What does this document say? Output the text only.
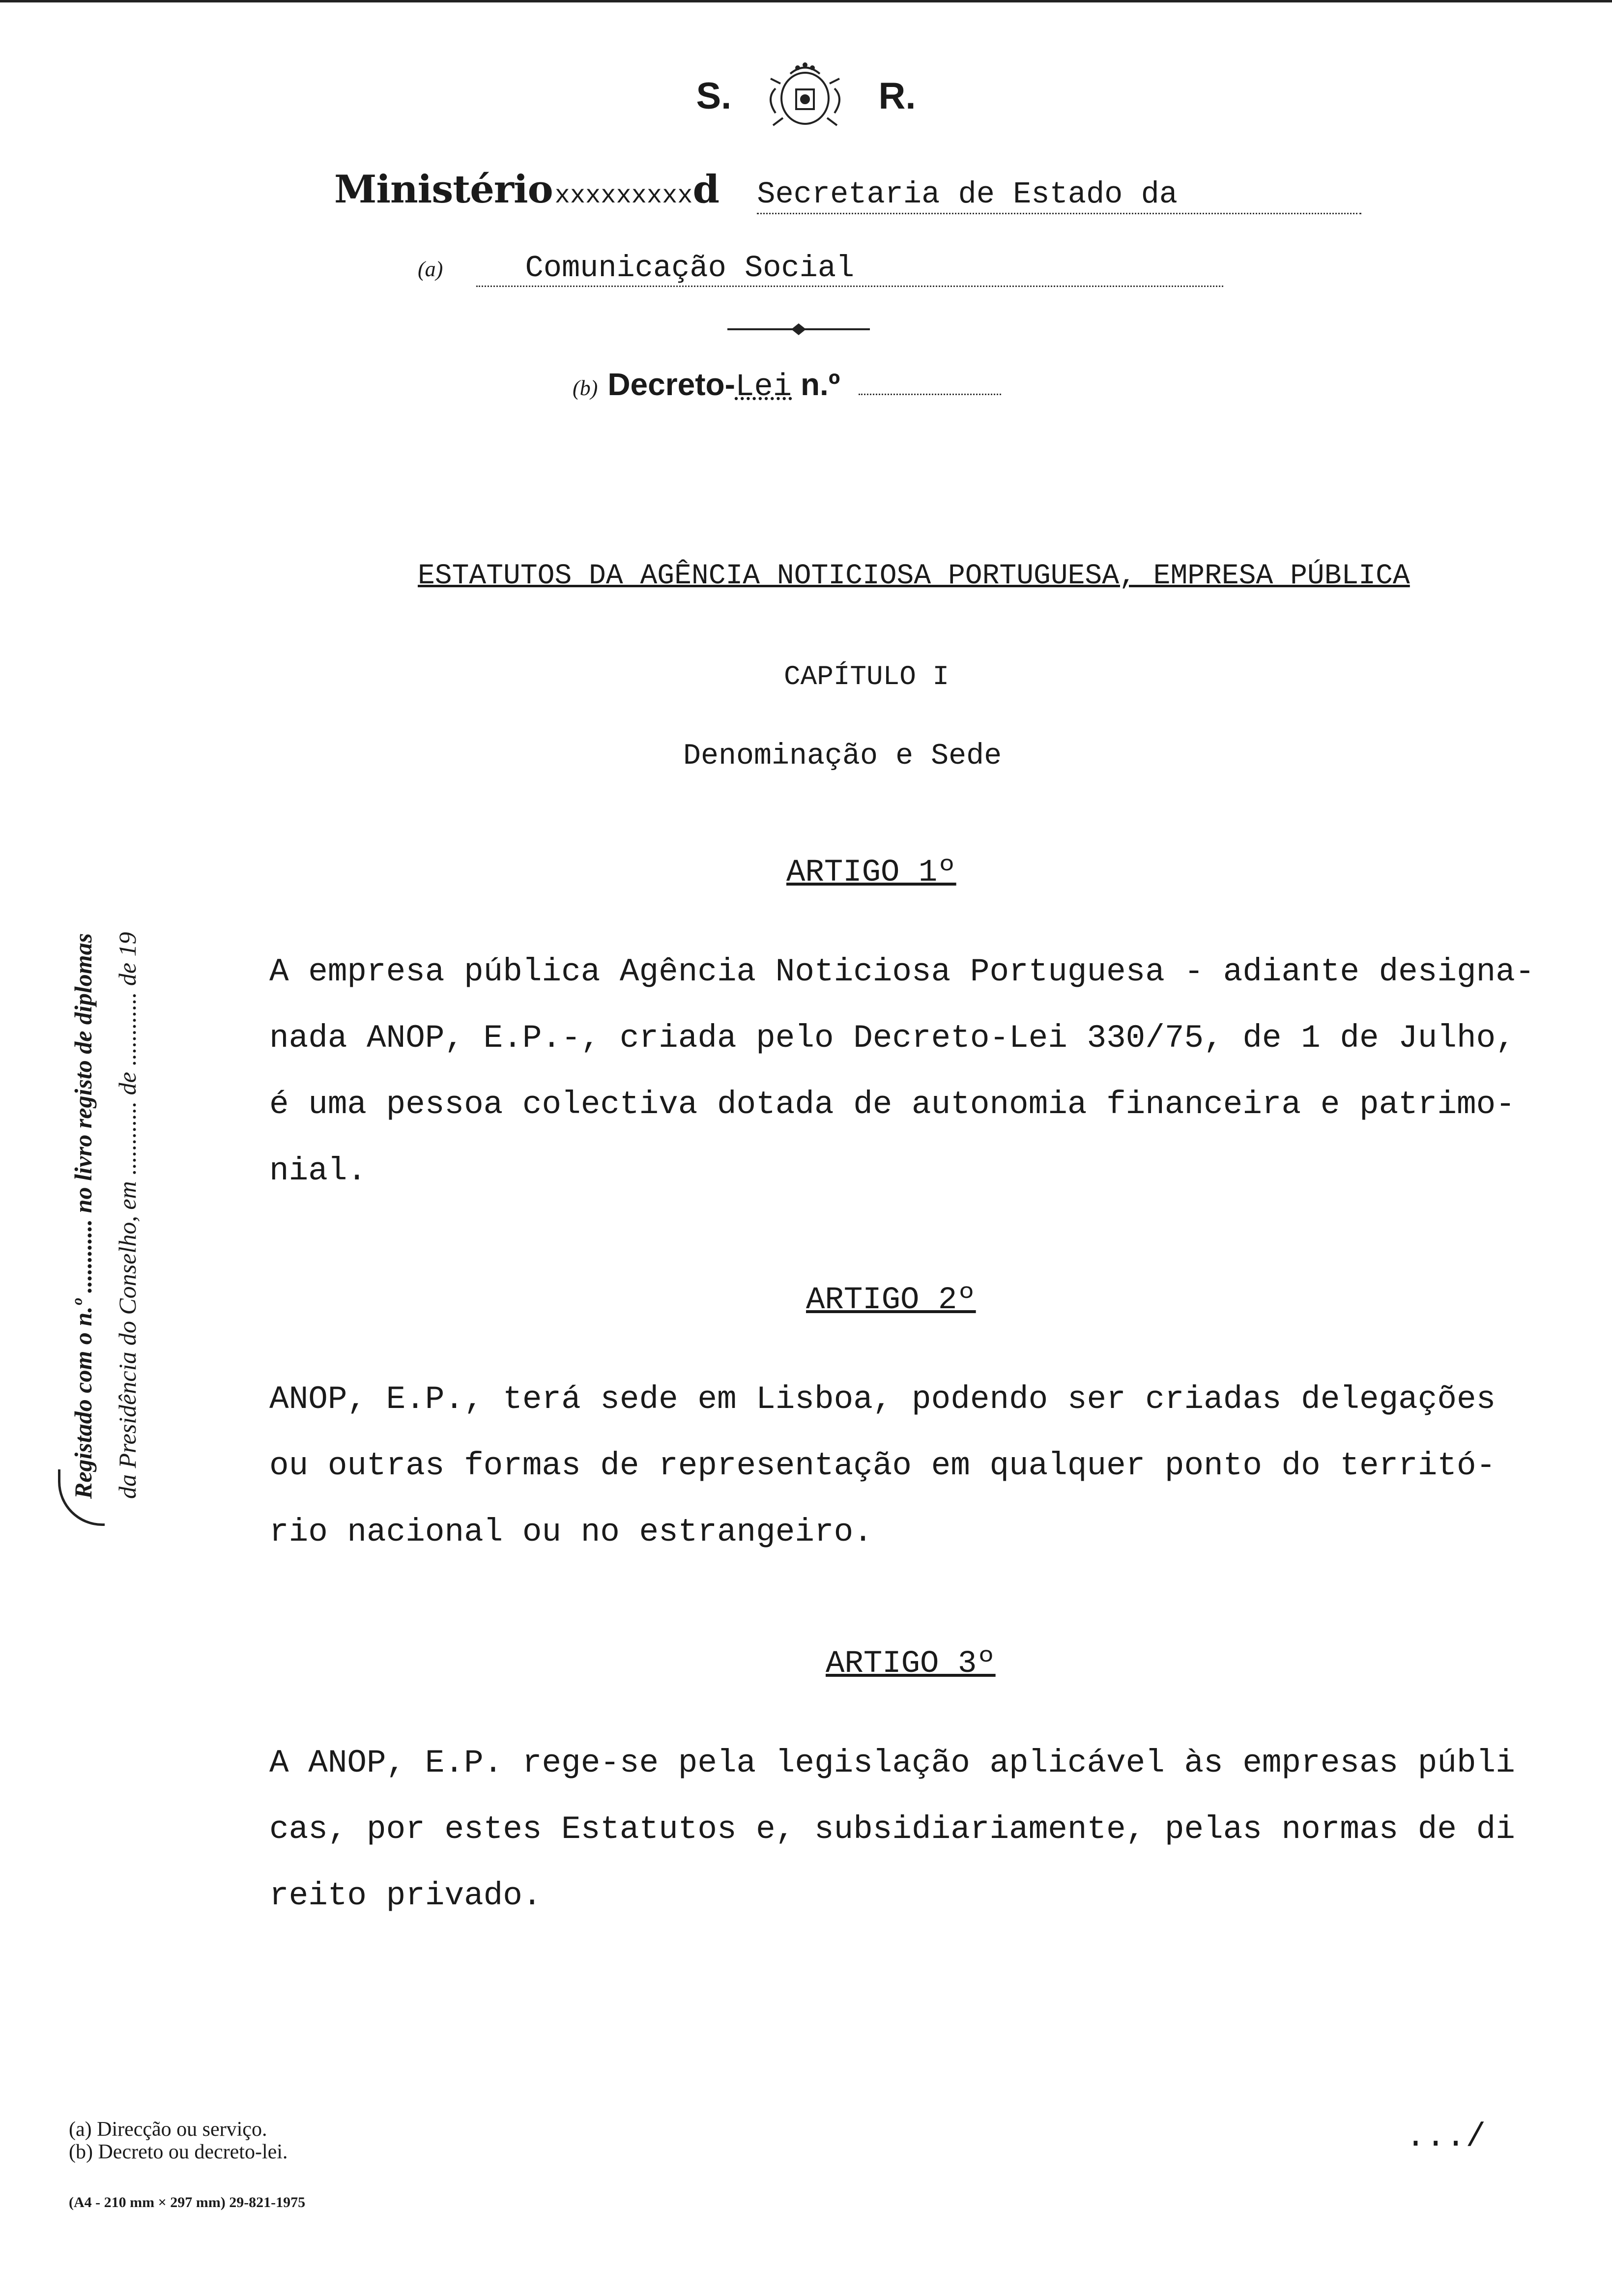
S.	R.
Ministérioxxxxxxxxxd Secretaria de Estado da
(a)	Comunicação Social
(b) Decreto-Lei n.º
Registado com o n.º ............ no livro registo de diplomas da Presidência do Conselho, em ............ de ............ de 19
ESTATUTOS DA AGÊNCIA NOTICIOSA PORTUGUESA, EMPRESA PÚBLICA
CAPÍTULO I
Denominação e Sede
ARTIGO 1º
A empresa pública Agência Noticiosa Portuguesa - adiante designa-
nada ANOP, E.P.-, criada pelo Decreto-Lei 330/75, de 1 de Julho,
é uma pessoa colectiva dotada de autonomia financeira e patrimo-
nial.
ARTIGO 2º
ANOP, E.P., terá sede em Lisboa, podendo ser criadas delegações
ou outras formas de representação em qualquer ponto do territó-
rio nacional ou no estrangeiro.
ARTIGO 3º
A ANOP, E.P. rege-se pela legislação aplicável às empresas públi
cas, por estes Estatutos e, subsidiariamente, pelas normas de di
reito privado.
(a) Direcção ou serviço.
(b) Decreto ou decreto-lei.
(A4 - 210 mm × 297 mm) 29-821-1975
.../
